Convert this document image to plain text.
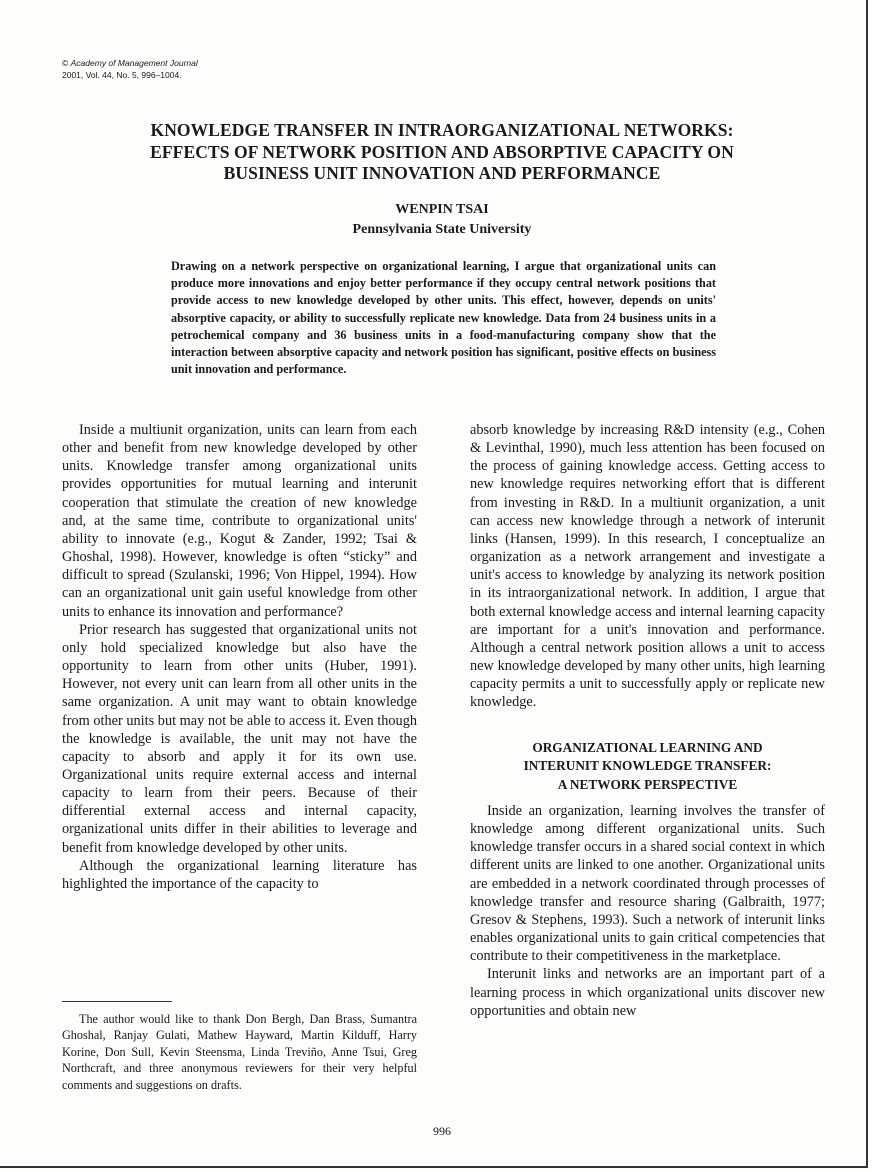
© Academy of Management Journal
2001, Vol. 44, No. 5, 996–1004.
KNOWLEDGE TRANSFER IN INTRAORGANIZATIONAL NETWORKS:
EFFECTS OF NETWORK POSITION AND ABSORPTIVE CAPACITY ON
BUSINESS UNIT INNOVATION AND PERFORMANCE
WENPIN TSAI
Pennsylvania State University
Drawing on a network perspective on organizational learning, I argue that organizational units can produce more innovations and enjoy better performance if they occupy central network positions that provide access to new knowledge developed by other units. This effect, however, depends on units' absorptive capacity, or ability to successfully replicate new knowledge. Data from 24 business units in a petrochemical company and 36 business units in a food-manufacturing company show that the interaction between absorptive capacity and network position has significant, positive effects on business unit innovation and performance.

Inside a multiunit organization, units can learn from each other and benefit from new knowledge developed by other units. Knowledge transfer among organizational units provides opportunities for mutual learning and interunit cooperation that stimulate the creation of new knowledge and, at the same time, contribute to organizational units' ability to innovate (e.g., Kogut & Zander, 1992; Tsai & Ghoshal, 1998). However, knowledge is often “sticky” and difficult to spread (Szulanski, 1996; Von Hippel, 1994). How can an organizational unit gain useful knowledge from other units to enhance its innovation and performance?

Prior research has suggested that organizational units not only hold specialized knowledge but also have the opportunity to learn from other units (Huber, 1991). However, not every unit can learn from all other units in the same organization. A unit may want to obtain knowledge from other units but may not be able to access it. Even though the knowledge is available, the unit may not have the capacity to absorb and apply it for its own use. Organizational units require external access and internal capacity to learn from their peers. Because of their differential external access and internal capacity, organizational units differ in their abilities to leverage and benefit from knowledge developed by other units.

Although the organizational learning literature has highlighted the importance of the capacity to

absorb knowledge by increasing R&D intensity (e.g., Cohen & Levinthal, 1990), much less attention has been focused on the process of gaining knowledge access. Getting access to new knowledge requires networking effort that is different from investing in R&D. In a multiunit organization, a unit can access new knowledge through a network of interunit links (Hansen, 1999). In this research, I conceptualize an organization as a network arrangement and investigate a unit's access to knowledge by analyzing its network position in its intraorganizational network. In addition, I argue that both external knowledge access and internal learning capacity are important for a unit's innovation and performance. Although a central network position allows a unit to access new knowledge developed by many other units, high learning capacity permits a unit to successfully apply or replicate new knowledge.

ORGANIZATIONAL LEARNING AND
INTERUNIT KNOWLEDGE TRANSFER:
A NETWORK PERSPECTIVE

Inside an organization, learning involves the transfer of knowledge among different organizational units. Such knowledge transfer occurs in a shared social context in which different units are linked to one another. Organizational units are embedded in a network coordinated through processes of knowledge transfer and resource sharing (Galbraith, 1977; Gresov & Stephens, 1993). Such a network of interunit links enables organizational units to gain critical competencies that contribute to their competitiveness in the marketplace.

Interunit links and networks are an important part of a learning process in which organizational units discover new opportunities and obtain new

The author would like to thank Don Bergh, Dan Brass, Sumantra Ghoshal, Ranjay Gulati, Mathew Hayward, Martin Kilduff, Harry Korine, Don Sull, Kevin Steensma, Linda Treviño, Anne Tsui, Greg Northcraft, and three anonymous reviewers for their very helpful comments and suggestions on drafts.
996
